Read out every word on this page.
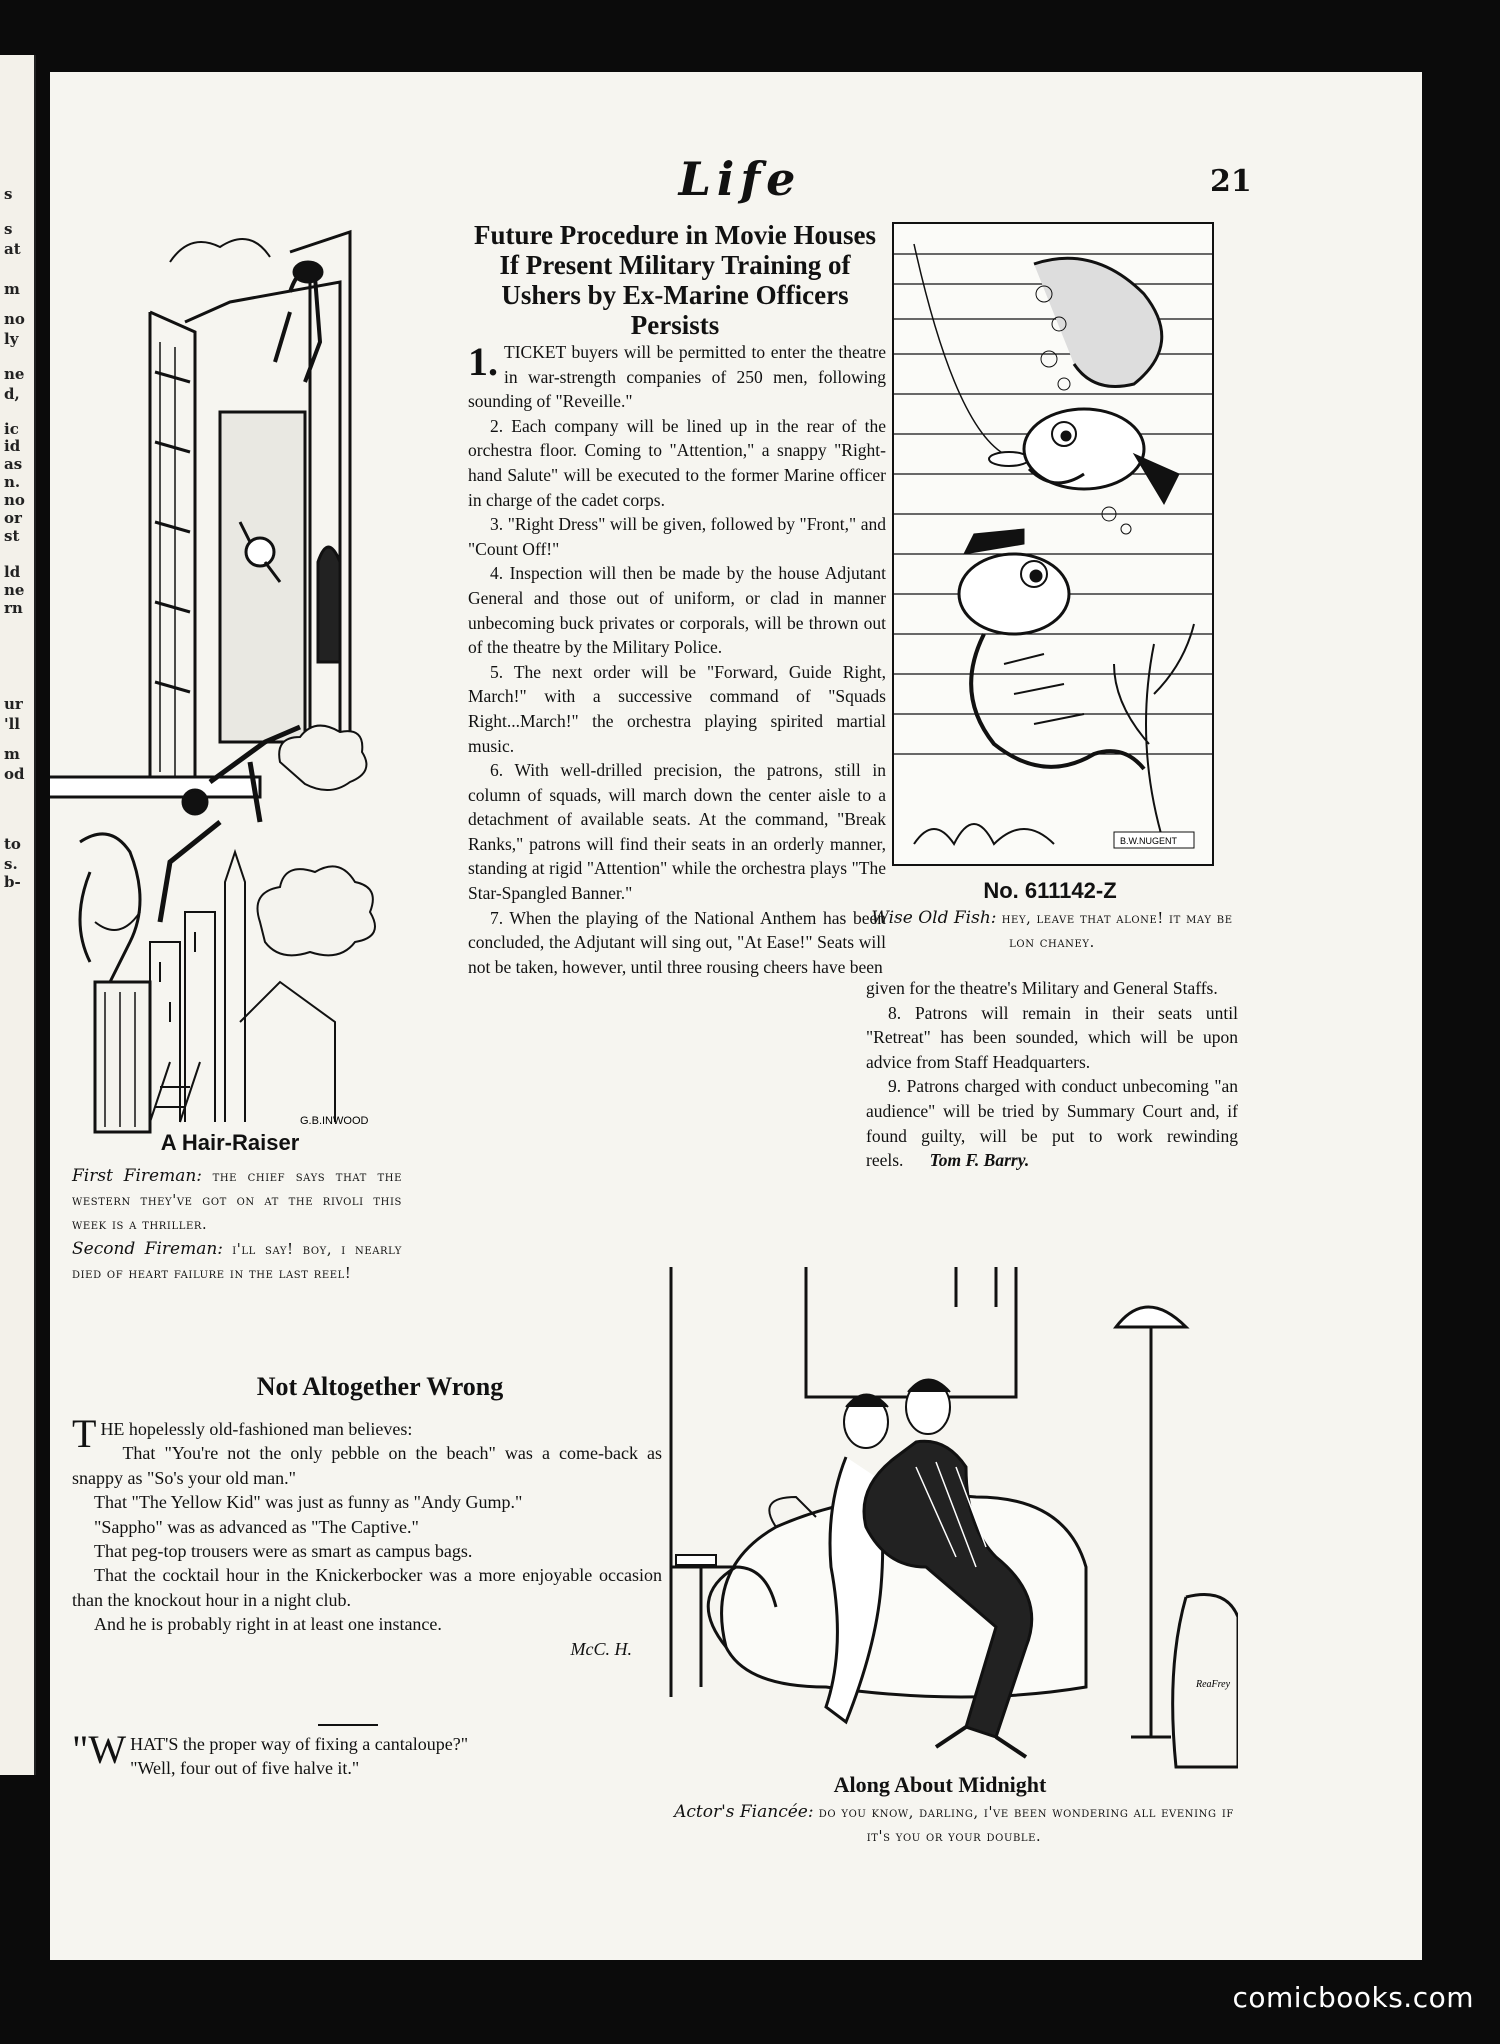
s
s
at
m
no
ly
ne
d,
ic
id
as
n.
no
or
st
ld
ne
rn
ur
'll
m
od
to
s.
b-
Life	21
G.B.INWOOD
A Hair-Raiser
First Fireman: the chief says that the western they've got on at the rivoli this week is a thriller.
Second Fireman: i'll say! boy, i nearly died of heart failure in the last reel!
Future Procedure in Movie Houses If Present Military Training of Ushers by Ex-Marine Officers Persists

1. TICKET buyers will be permitted to enter the theatre in war-strength companies of 250 men, following sounding of "Reveille."

2. Each company will be lined up in the rear of the orchestra floor. Coming to "Attention," a snappy "Right-hand Salute" will be executed to the former Marine officer in charge of the cadet corps.

3. "Right Dress" will be given, followed by "Front," and "Count Off!"

4. Inspection will then be made by the house Adjutant General and those out of uniform, or clad in manner unbecoming buck privates or corporals, will be thrown out of the theatre by the Military Police.

5. The next order will be "Forward, Guide Right, March!" with a successive command of "Squads Right...March!" the orchestra playing spirited martial music.

6. With well-drilled precision, the patrons, still in column of squads, will march down the center aisle to a detachment of available seats. At the command, "Break Ranks," patrons will find their seats in an orderly manner, standing at rigid "Attention" while the orchestra plays "The Star-Spangled Banner."

7. When the playing of the National Anthem has been concluded, the Adjutant will sing out, "At Ease!" Seats will not be taken, however, until three rousing cheers have been

B.W.NUGENT
No. 611142-Z
Wise Old Fish: hey, leave that alone! it may be lon chaney.

given for the theatre's Military and General Staffs.

8. Patrons will remain in their seats until "Retreat" has been sounded, which will be upon advice from Staff Headquarters.

9. Patrons charged with conduct unbecoming "an audience" will be tried by Summary Court and, if found guilty, will be put to work rewinding reels. Tom F. Barry.

ReaFrey
Along About Midnight
Actor's Fiancée: do you know, darling, i've been wondering all evening if it's you or your double.
Not Altogether Wrong

THE hopelessly old-fashioned man believes:

That "You're not the only pebble on the beach" was a come-back as snappy as "So's your old man."

That "The Yellow Kid" was just as funny as "Andy Gump."

"Sappho" was as advanced as "The Captive."

That peg-top trousers were as smart as campus bags.

That the cocktail hour in the Knickerbocker was a more enjoyable occasion than the knockout hour in a night club.

And he is probably right in at least one instance.

McC. H.

"W HAT'S the proper way of fixing a cantaloupe?"
"Well, four out of five halve it."
comicbooks.com
